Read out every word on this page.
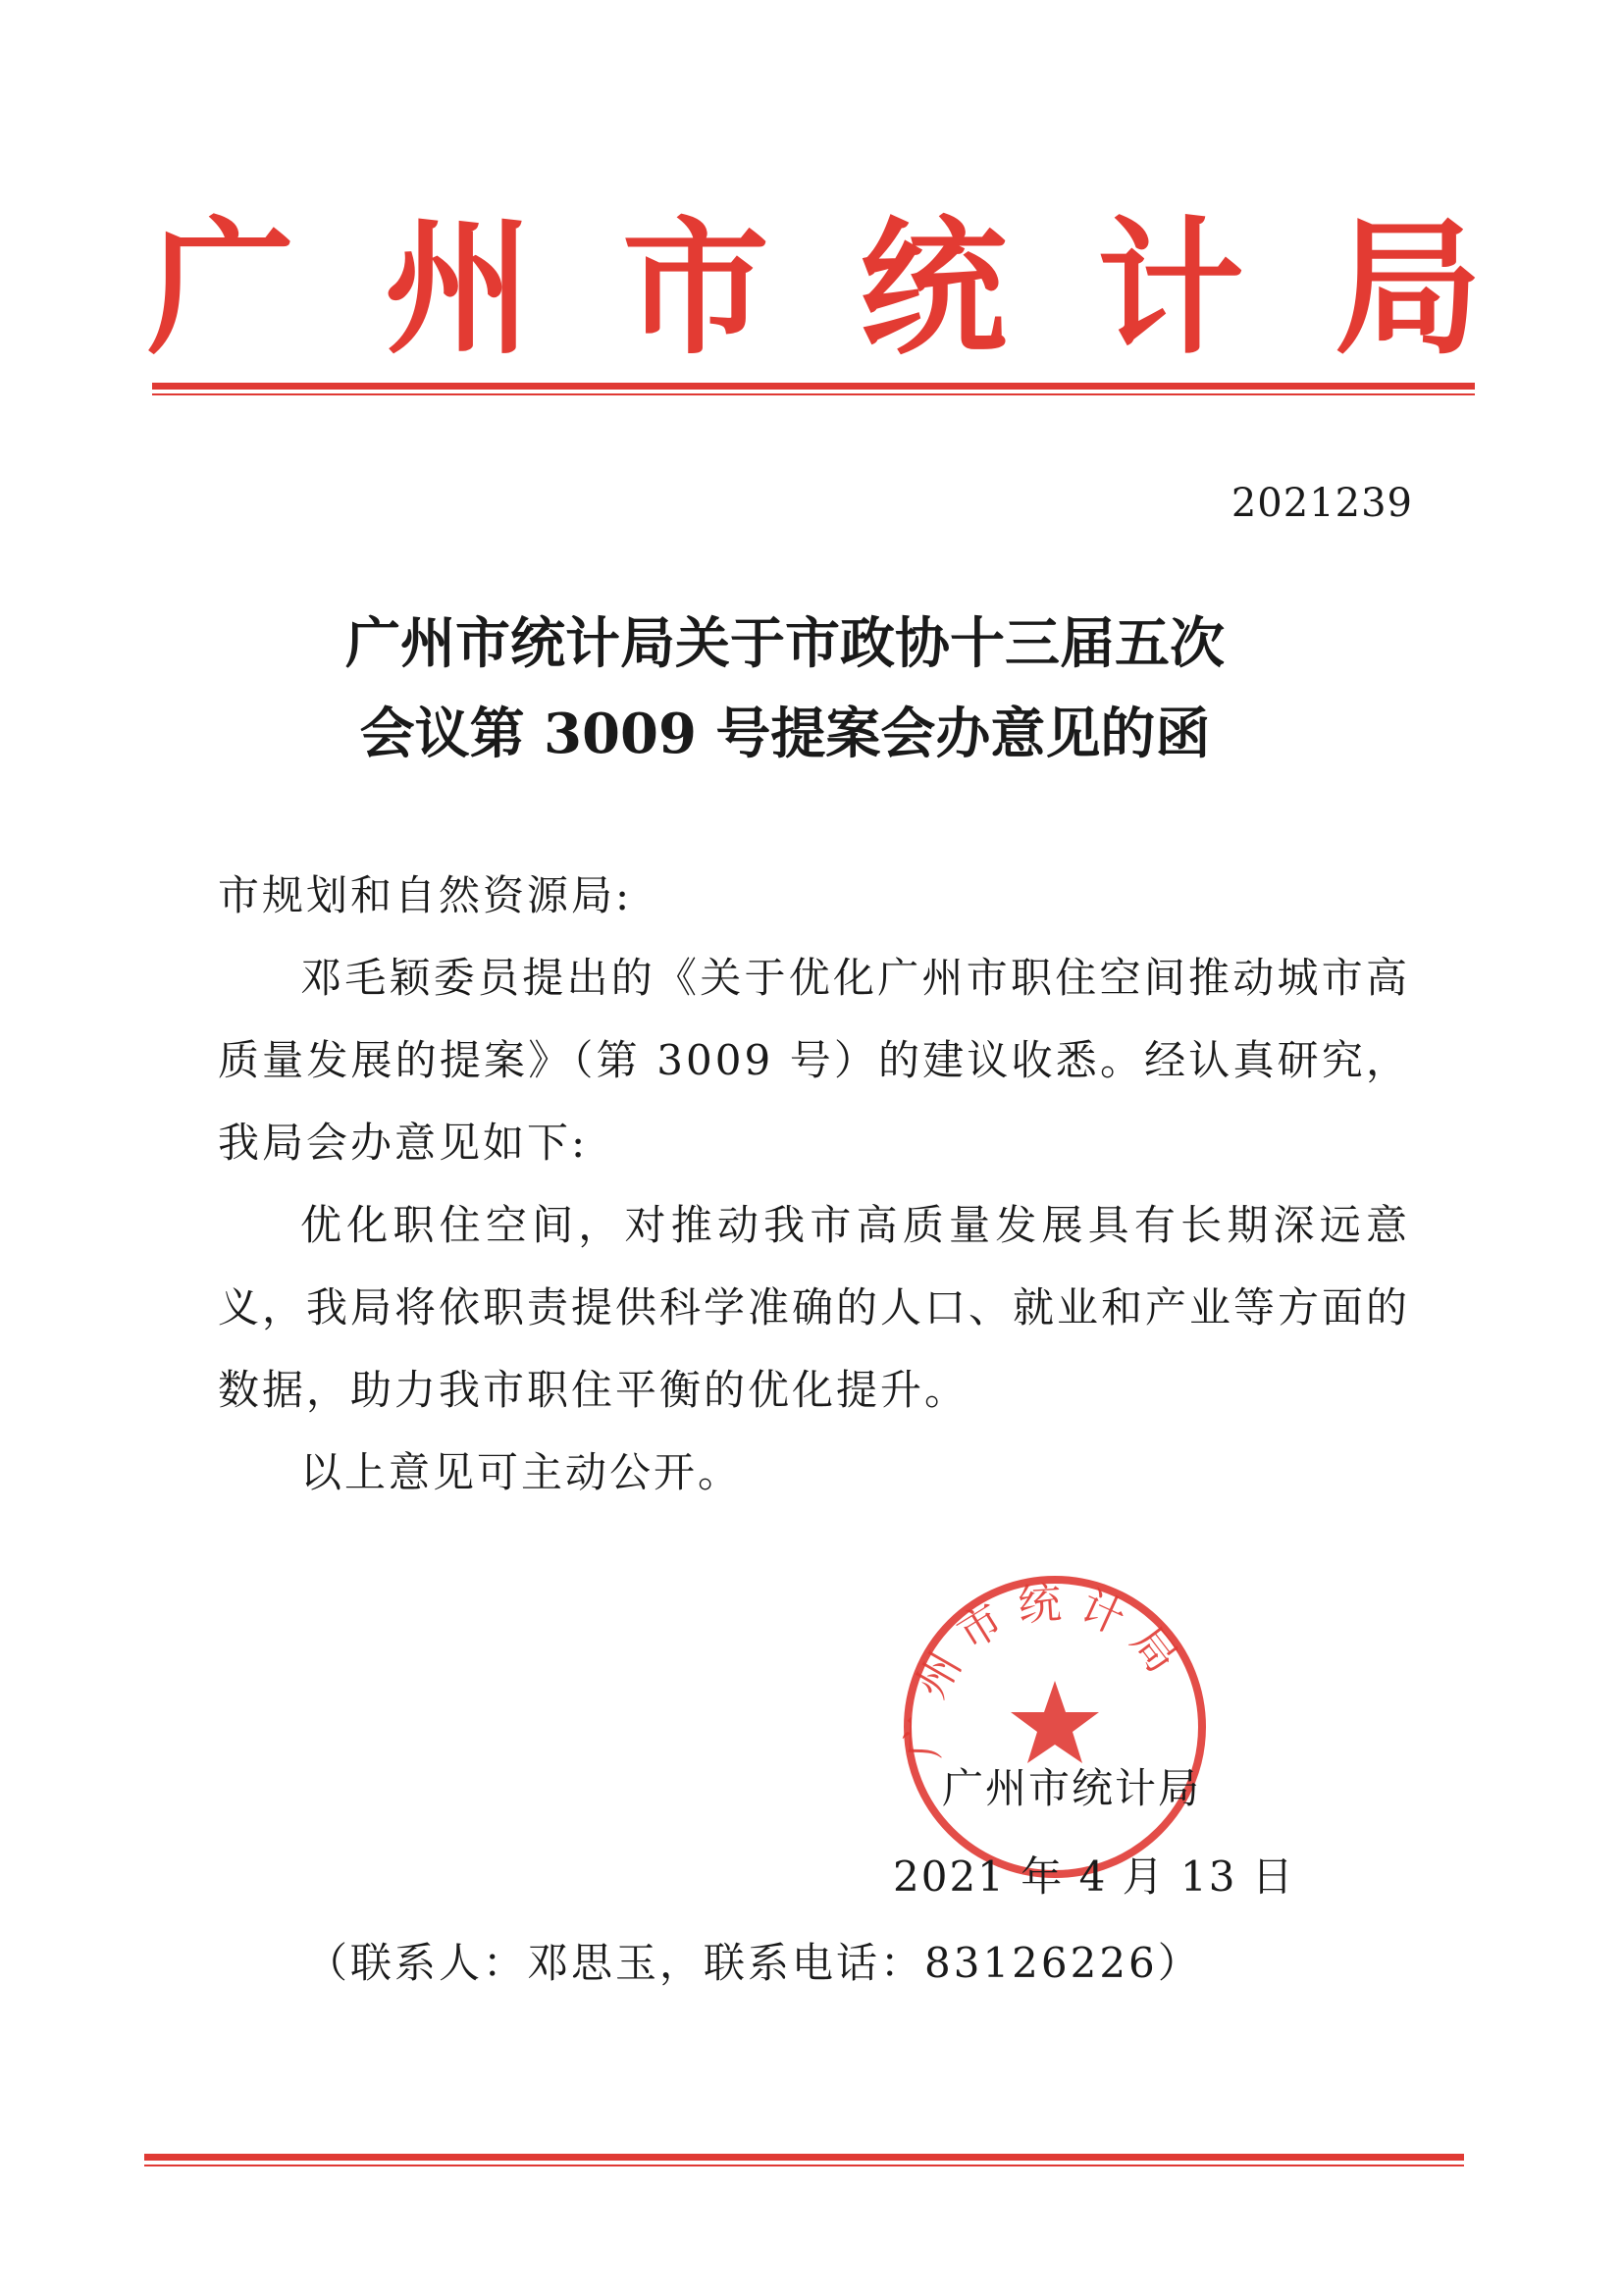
广 州 市 统 计 局
2021239
广州市统计局关于市政协十三届五次
会议第 3009 号提案会办意见的函
市规划和自然资源局:

邓毛颖委员提出的《关于优化广州市职住空间推动城市高质量发展的提案》（第 3009 号）的建议收悉。经认真研究，我局会办意见如下:

优化职住空间，对推动我市高质量发展具有长期深远意义，我局将依职责提供科学准确的人口、就业和产业等方面的数据，助力我市职住平衡的优化提升。

以上意见可主动公开。

广州市统计局
广州市统计局
2021 年 4 月 13 日
（联系人：邓思玉，联系电话：83126226）
